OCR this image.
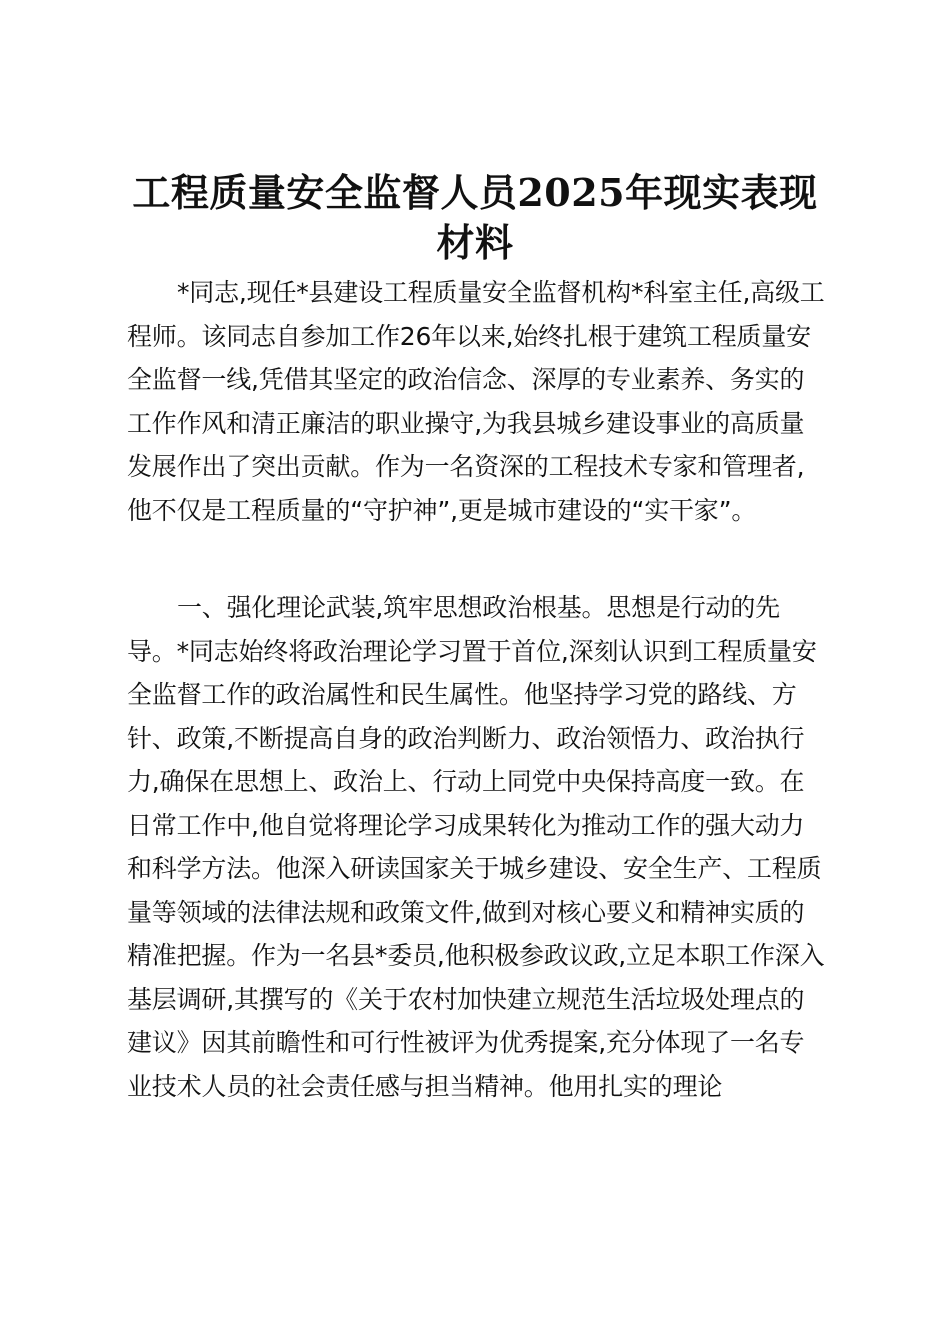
工程质量安全监督人员2025年现实表现材料

*同志,现任*县建设工程质量安全监督机构*科室主任,高级工程师。该同志自参加工作26年以来,始终扎根于建筑工程质量安全监督一线,凭借其坚定的政治信念、深厚的专业素养、务实的工作作风和清正廉洁的职业操守,为我县城乡建设事业的高质量发展作出了突出贡献。作为一名资深的工程技术专家和管理者,他不仅是工程质量的“守护神”,更是城市建设的“实干家”。

一、强化理论武装,筑牢思想政治根基。思想是行动的先导。*同志始终将政治理论学习置于首位,深刻认识到工程质量安全监督工作的政治属性和民生属性。他坚持学习党的路线、方针、政策,不断提高自身的政治判断力、政治领悟力、政治执行力,确保在思想上、政治上、行动上同党中央保持高度一致。在日常工作中,他自觉将理论学习成果转化为推动工作的强大动力和科学方法。他深入研读国家关于城乡建设、安全生产、工程质量等领域的法律法规和政策文件,做到对核心要义和精神实质的精准把握。作为一名县*委员,他积极参政议政,立足本职工作深入基层调研,其撰写的《关于农村加快建立规范生活垃圾处理点的建议》因其前瞻性和可行性被评为优秀提案,充分体现了一名专业技术人员的社会责任感与担当精神。他用扎实的理论
